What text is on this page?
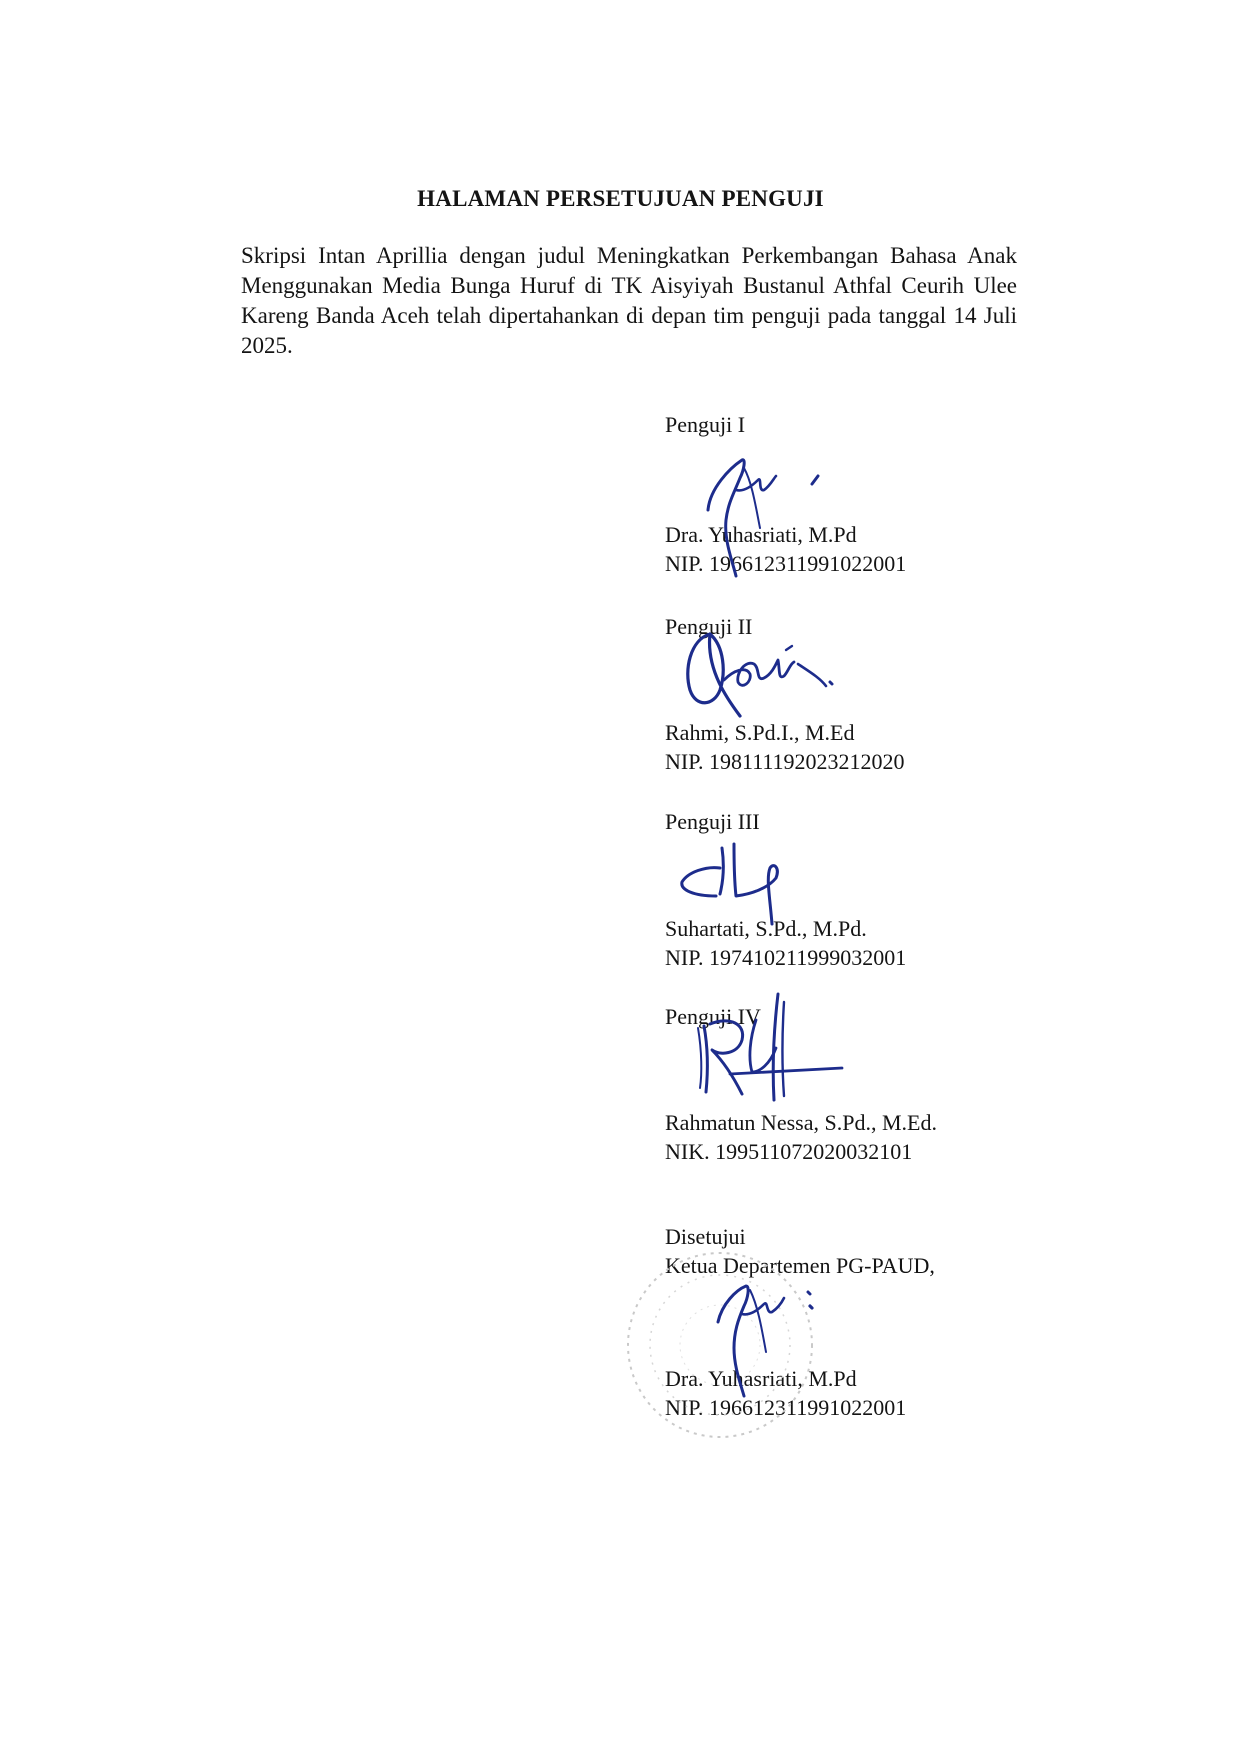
HALAMAN PERSETUJUAN PENGUJI
Skripsi Intan Aprillia dengan judul Meningkatkan Perkembangan Bahasa Anak Menggunakan Media Bunga Huruf di TK Aisyiyah Bustanul Athfal Ceurih Ulee Kareng Banda Aceh telah dipertahankan di depan tim penguji pada tanggal 14 Juli 2025.
Penguji I
Dra. Yuhasriati, M.Pd
NIP. 196612311991022001
Penguji II
Rahmi, S.Pd.I., M.Ed
NIP. 198111192023212020
Penguji III
Suhartati, S.Pd., M.Pd.
NIP. 197410211999032001
Penguji IV
Rahmatun Nessa, S.Pd., M.Ed.
NIK. 199511072020032101
Disetujui
Ketua Departemen PG-PAUD,
Dra. Yuhasriati, M.Pd
NIP. 196612311991022001
